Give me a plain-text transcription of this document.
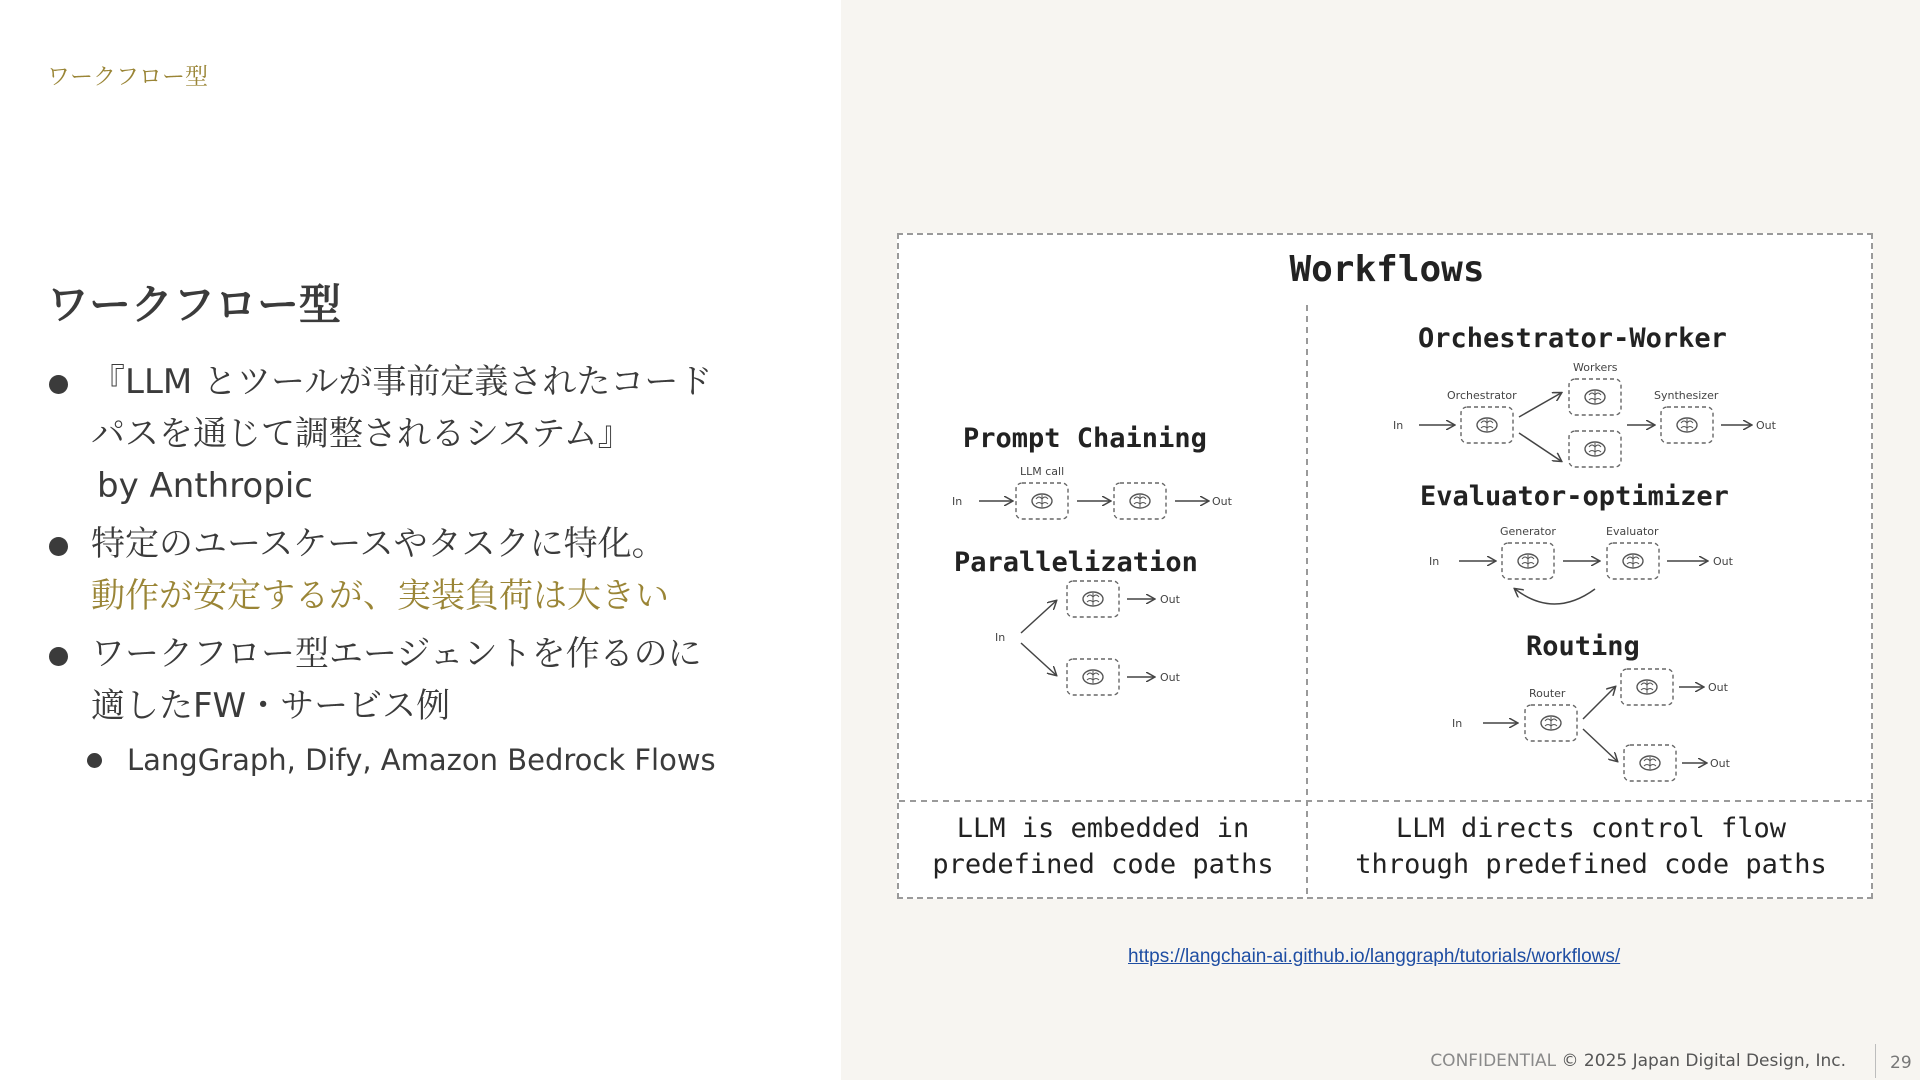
ワークフロー型
ワークフロー型
『LLM とツールが事前定義されたコード
パスを通じて調整されるシステム』
by Anthropic
特定のユースケースやタスクに特化。
動作が安定するが、実装負荷は大きい
ワークフロー型エージェントを作るのに
適したFW・サービス例
LangGraph, Dify, Amazon Bedrock Flows
Workflows
Prompt Chaining
In
LLM call
Out
Parallelization
In
Out
Out
Orchestrator-Worker
In
Orchestrator
Workers
Synthesizer
Out
Evaluator-optimizer
In
Generator	Evaluator
Out
Routing
In
Router	Out
Out
LLM is embedded in
predefined code paths
LLM directs control flow
through predefined code paths
https://langchain-ai.github.io/langgraph/tutorials/workflows/
CONFIDENTIAL © 2025 Japan Digital Design, Inc.	29
